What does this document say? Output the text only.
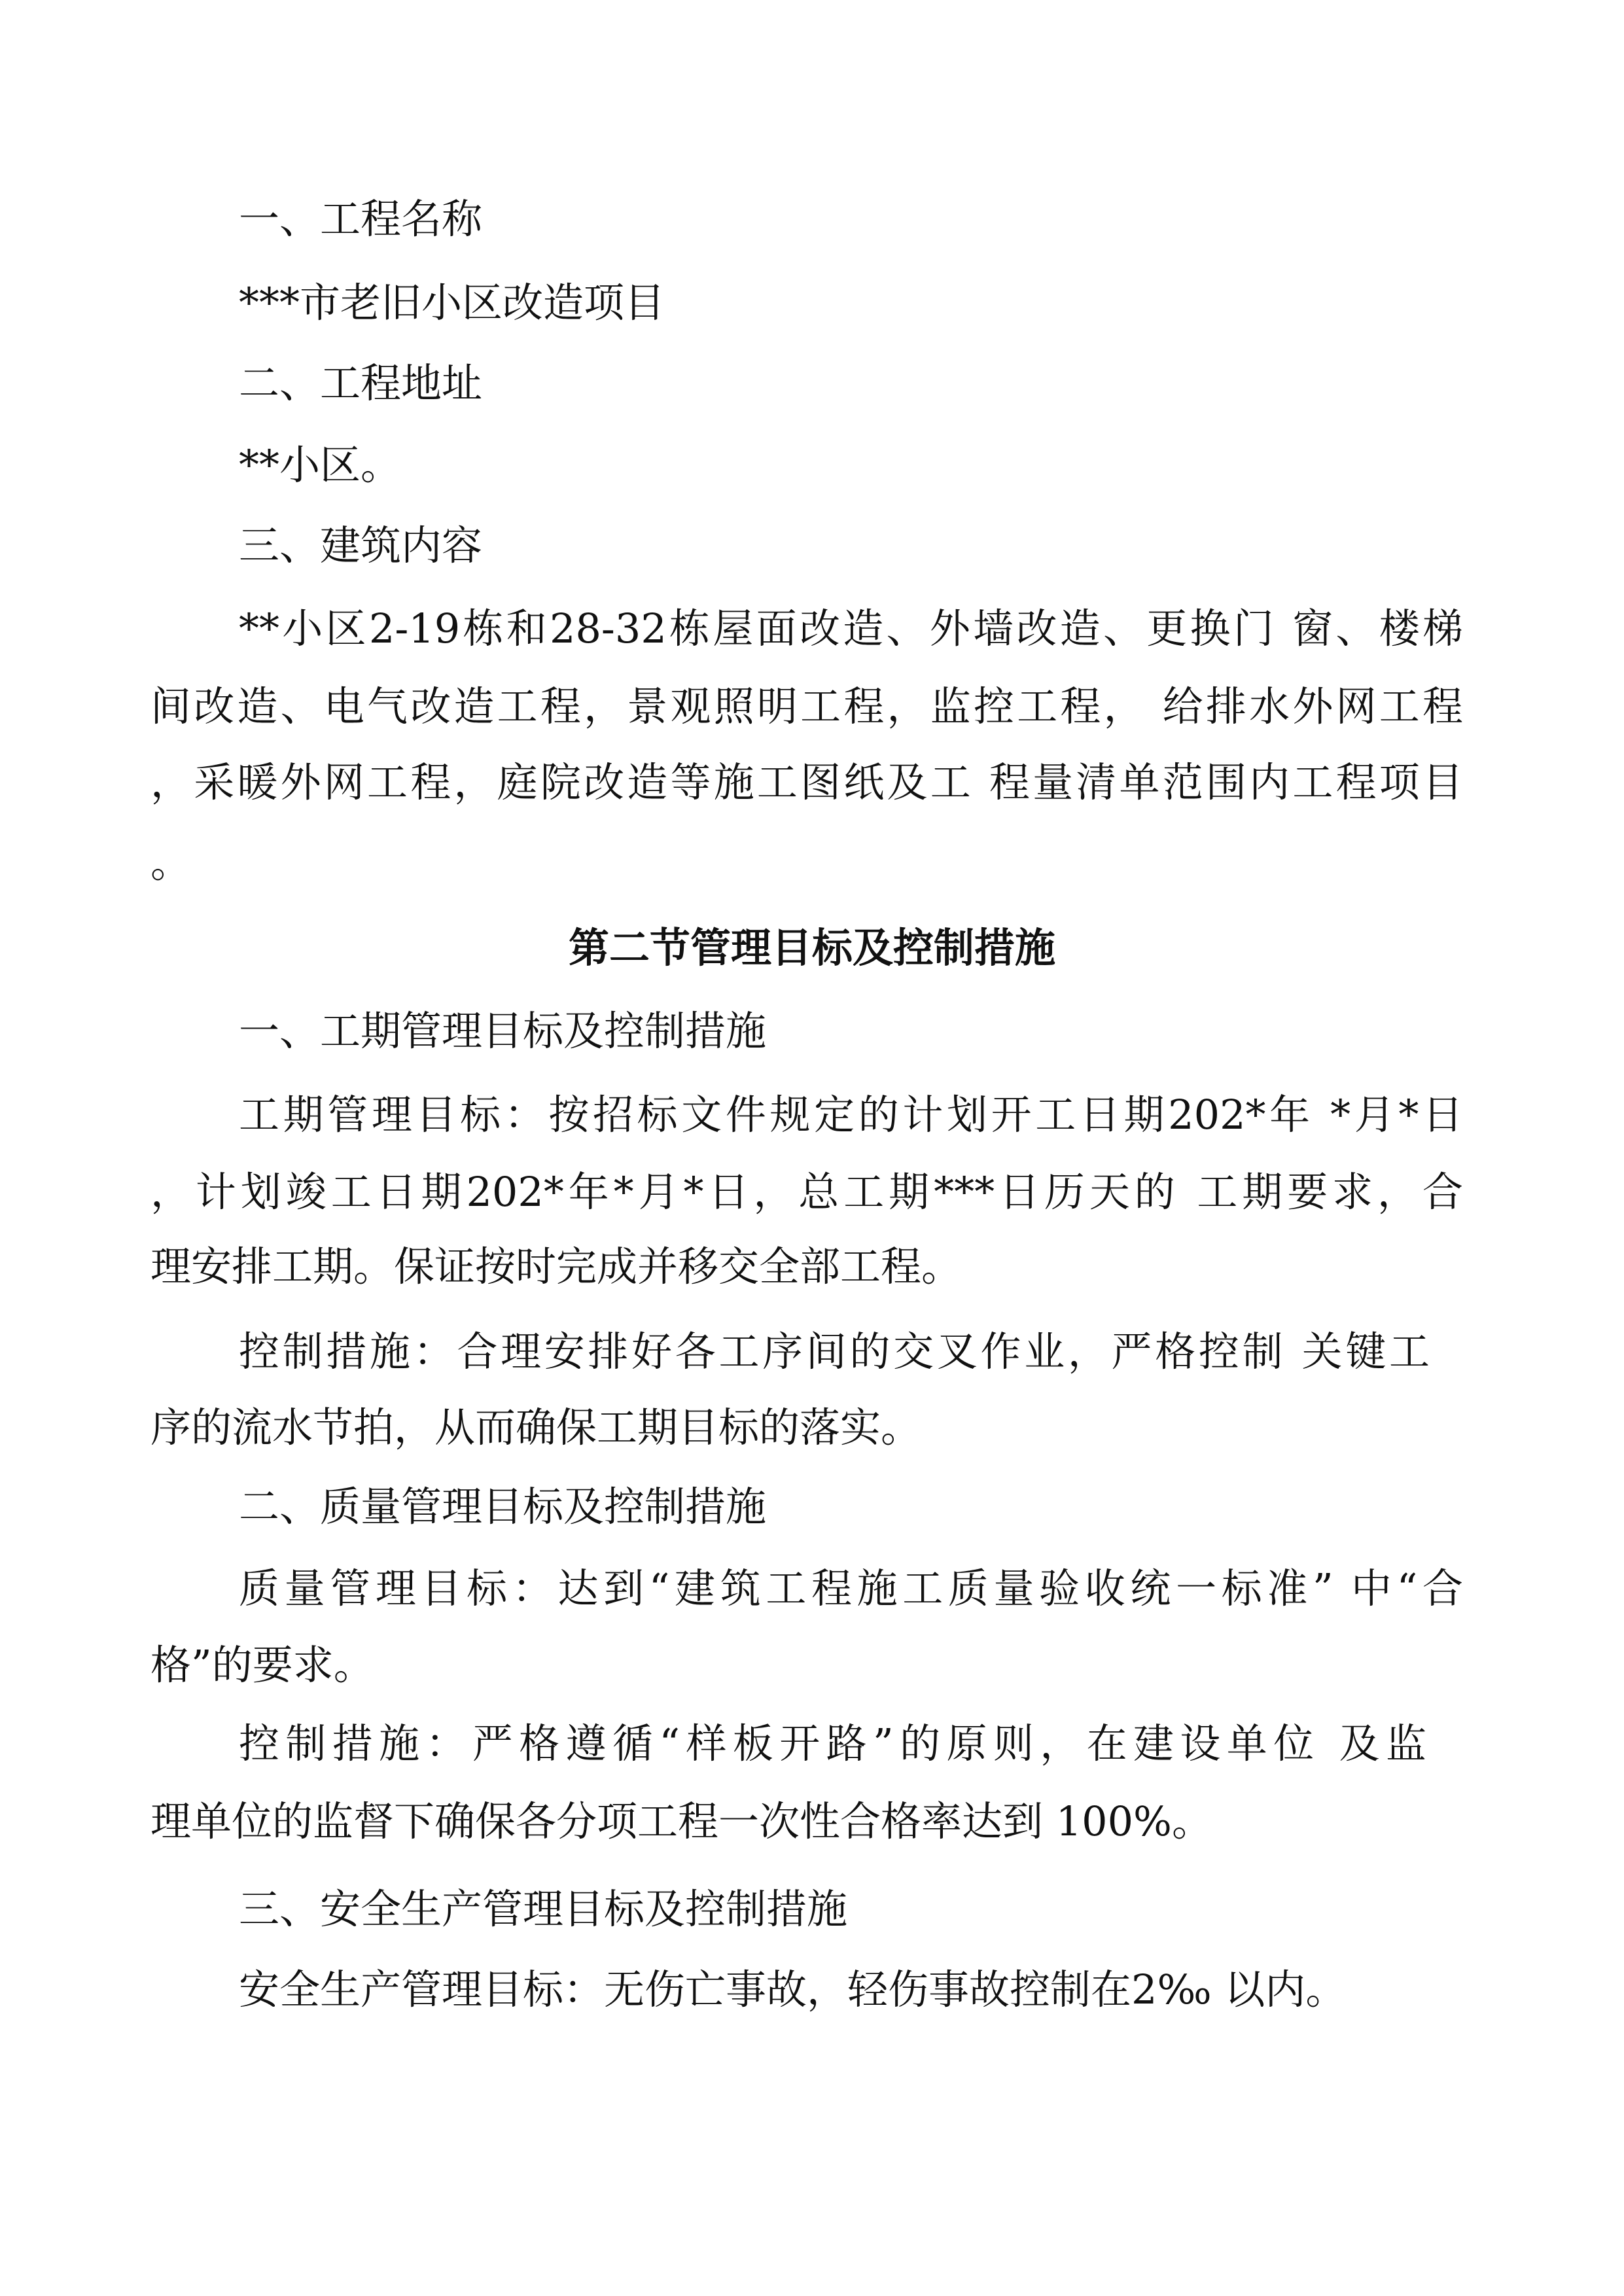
一、工程名称
***市老旧小区改造项目
二、工程地址
**小区。
三、建筑内容
**小区2-19栋和28-32栋屋面改造、外墙改造、更换门 窗、楼梯
间改造、电气改造工程，景观照明工程，监控工程， 给排水外网工程
，采暖外网工程，庭院改造等施工图纸及工 程量清单范围内工程项目
。
第二节管理目标及控制措施
一、工期管理目标及控制措施
工期管理目标：按招标文件规定的计划开工日期202*年 *月*日
，计划竣工日期202*年*月*日，总工期***日历天的 工期要求，合
理安排工期。保证按时完成并移交全部工程。
控制措施：合理安排好各工序间的交叉作业，严格控制 关键工
序的流水节拍，从而确保工期目标的落实。
二、质量管理目标及控制措施
质量管理目标：达到“建筑工程施工质量验收统一标准” 中“合
格”的要求。
控制措施：严格遵循“样板开路”的原则，在建设单位 及监
理单位的监督下确保各分项工程一次性合格率达到 100%。
三、安全生产管理目标及控制措施
安全生产管理目标：无伤亡事故，轻伤事故控制在2‰ 以内。
